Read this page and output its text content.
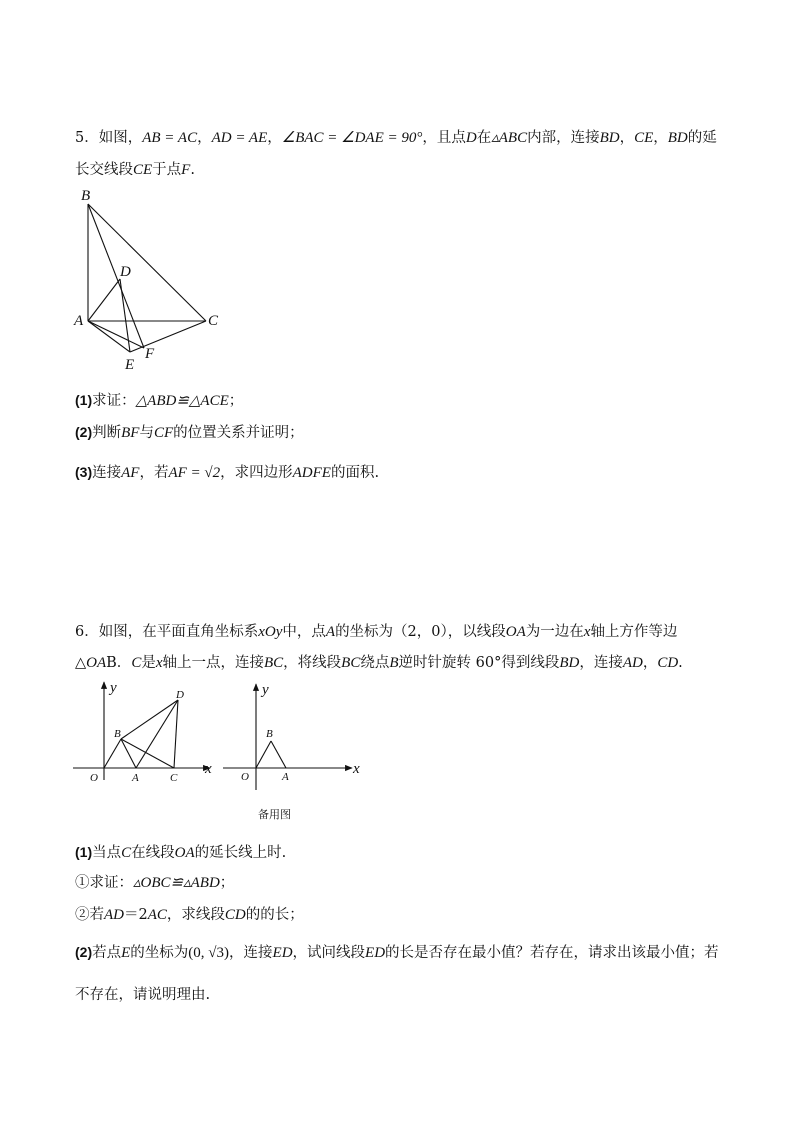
5．如图，AB = AC，AD = AE，∠BAC = ∠DAE = 90°，且点D在▵ABC内部，连接BD，CE，BD的延
长交线段CE于点F.
B
D
A	C
E
F
(1)求证：△ABD≌△ACE；
(2)判断BF与CF的位置关系并证明；
(3)连接AF，若AF = √2，求四边形ADFE的面积.
6．如图，在平面直角坐标系xOy中，点A的坐标为（2，0），以线段OA为一边在x轴上方作等边
△OAB．C是x轴上一点，连接BC，将线段BC绕点B逆时针旋转 60°得到线段BD，连接AD，CD.
y
x
O	A	C
B
D	y
x
O	A
B
备用图
(1)当点C在线段OA的延长线上时.
①求证：▵OBC≌▵ABD；
②若AD＝2AC，求线段CD的的长；
(2)若点E的坐标为(0, √3)，连接ED，试问线段ED的长是否存在最小值？若存在，请求出该最小值；若
不存在，请说明理由.
